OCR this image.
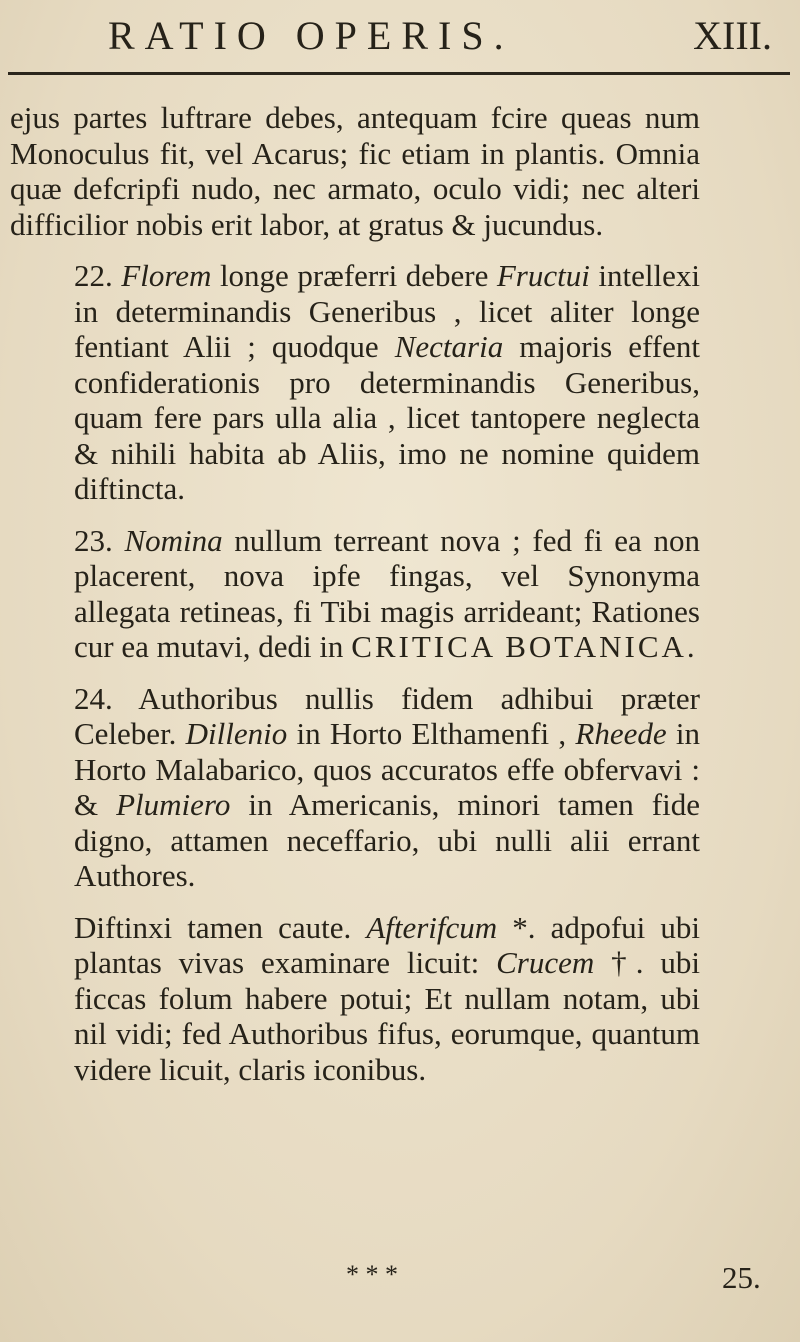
RATIO OPERIS.	XIII.

ejus partes luftrare debes, antequam fcire queas num Monoculus fit, vel Acarus; fic etiam in plantis. Omnia quæ defcripfi nudo, nec armato, oculo vidi; nec alteri difficilior nobis erit labor, at gratus & jucundus.

22. Florem longe præferri debere Fructui intellexi in determinandis Generibus , licet aliter longe fentiant Alii ; quodque Nectaria majoris effent confiderationis pro determinandis Generibus, quam fere pars ulla alia , licet tantopere neglecta & nihili habita ab Aliis, imo ne nomine quidem diftincta.

23. Nomina nullum terreant nova ; fed fi ea non placerent, nova ipfe fingas, vel Synonyma allegata retineas, fi Tibi magis arrideant; Rationes cur ea mutavi, dedi in CRITICA BOTANICA.

24. Authoribus nullis fidem adhibui præter Celeber. Dillenio in Horto Elthamenfi , Rheede in Horto Malabarico, quos accuratos effe obfervavi : & Plumiero in Americanis, minori tamen fide digno, attamen neceffario, ubi nulli alii errant Authores.

Diftinxi tamen caute. Afterifcum *. adpofui ubi plantas vivas examinare licuit: Crucem †. ubi ficcas folum habere potui; Et nullam notam, ubi nil vidi; fed Authoribus fifus, eorumque, quantum videre licuit, claris iconibus.

* * *	25.
